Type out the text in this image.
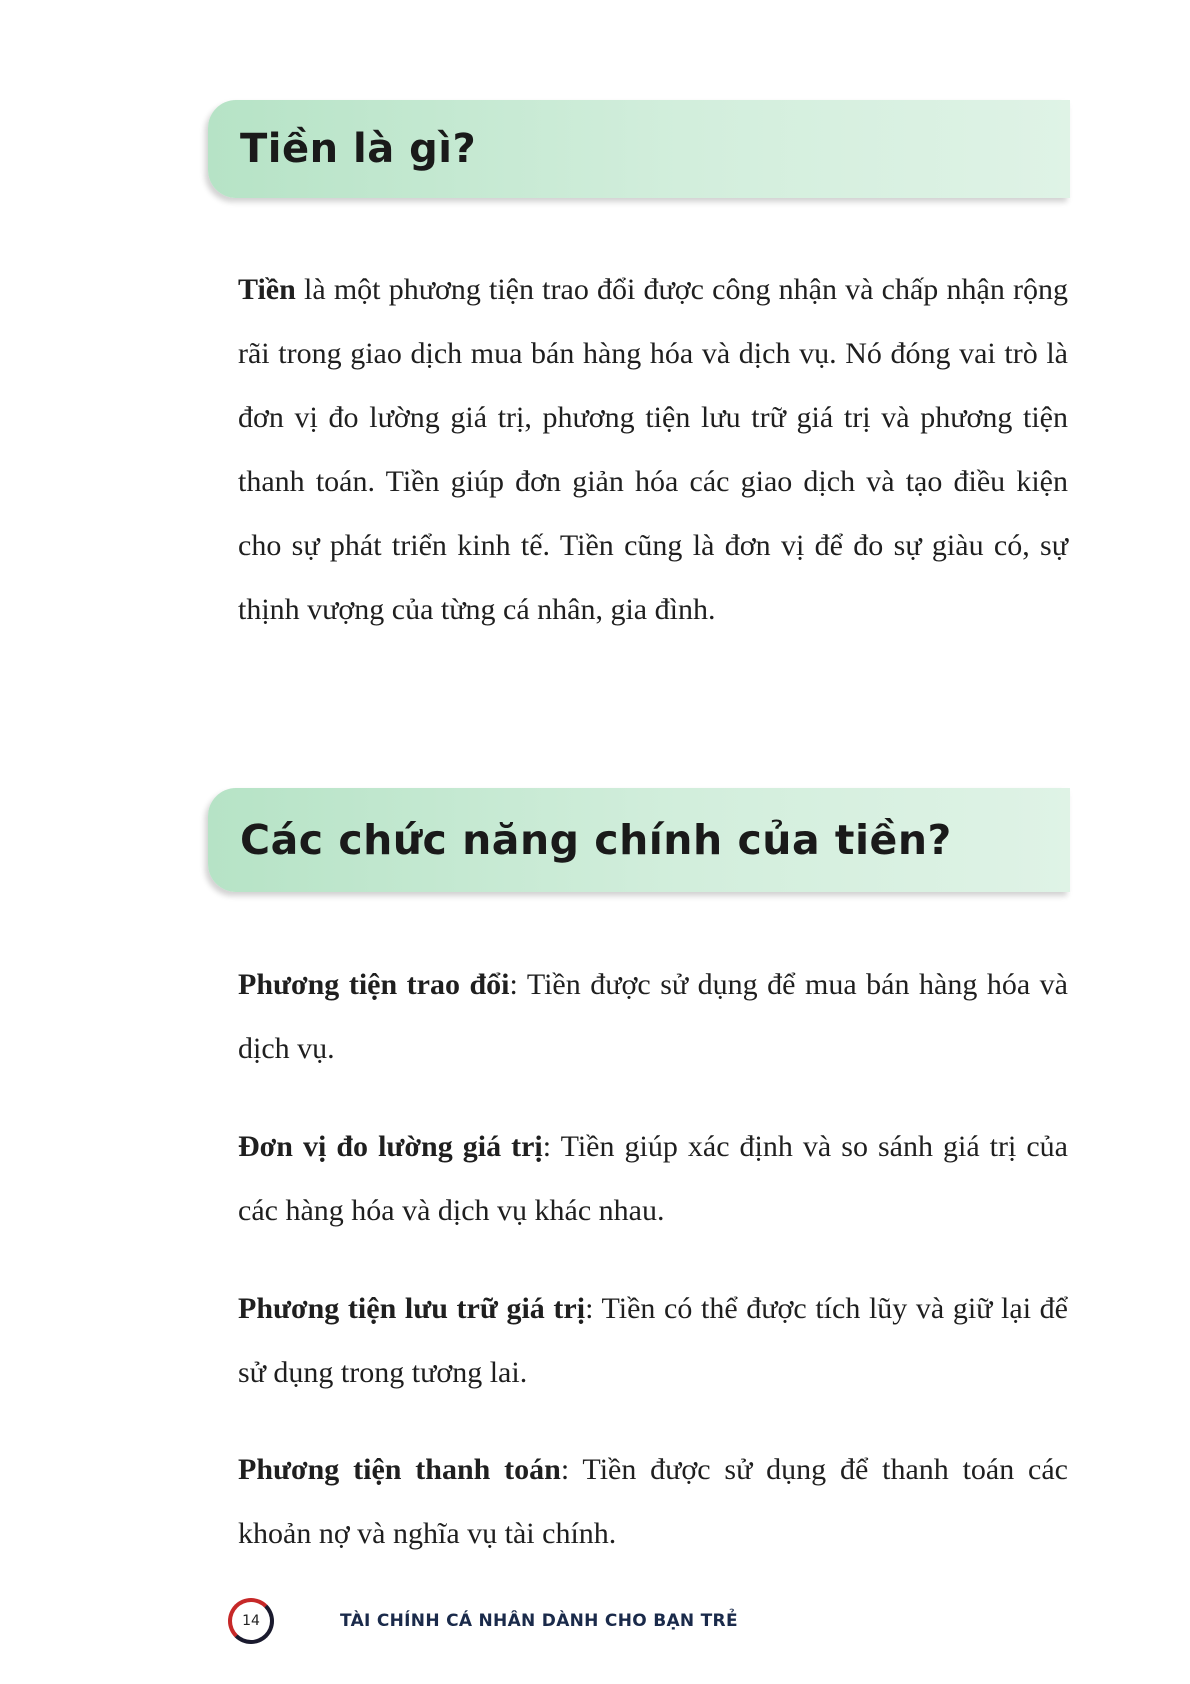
Tiền là gì?

Tiền là một phương tiện trao đổi được công nhận và chấp nhận rộng rãi trong giao dịch mua bán hàng hóa và dịch vụ. Nó đóng vai trò là đơn vị đo lường giá trị, phương tiện lưu trữ giá trị và phương tiện thanh toán. Tiền giúp đơn giản hóa các giao dịch và tạo điều kiện cho sự phát triển kinh tế. Tiền cũng là đơn vị để đo sự giàu có, sự thịnh vượng của từng cá nhân, gia đình.

Các chức năng chính của tiền?

Phương tiện trao đổi: Tiền được sử dụng để mua bán hàng hóa và dịch vụ.

Đơn vị đo lường giá trị: Tiền giúp xác định và so sánh giá trị của các hàng hóa và dịch vụ khác nhau.

Phương tiện lưu trữ giá trị: Tiền có thể được tích lũy và giữ lại để sử dụng trong tương lai.

Phương tiện thanh toán: Tiền được sử dụng để thanh toán các khoản nợ và nghĩa vụ tài chính.

14	TÀI CHÍNH CÁ NHÂN DÀNH CHO BẠN TRẺ
